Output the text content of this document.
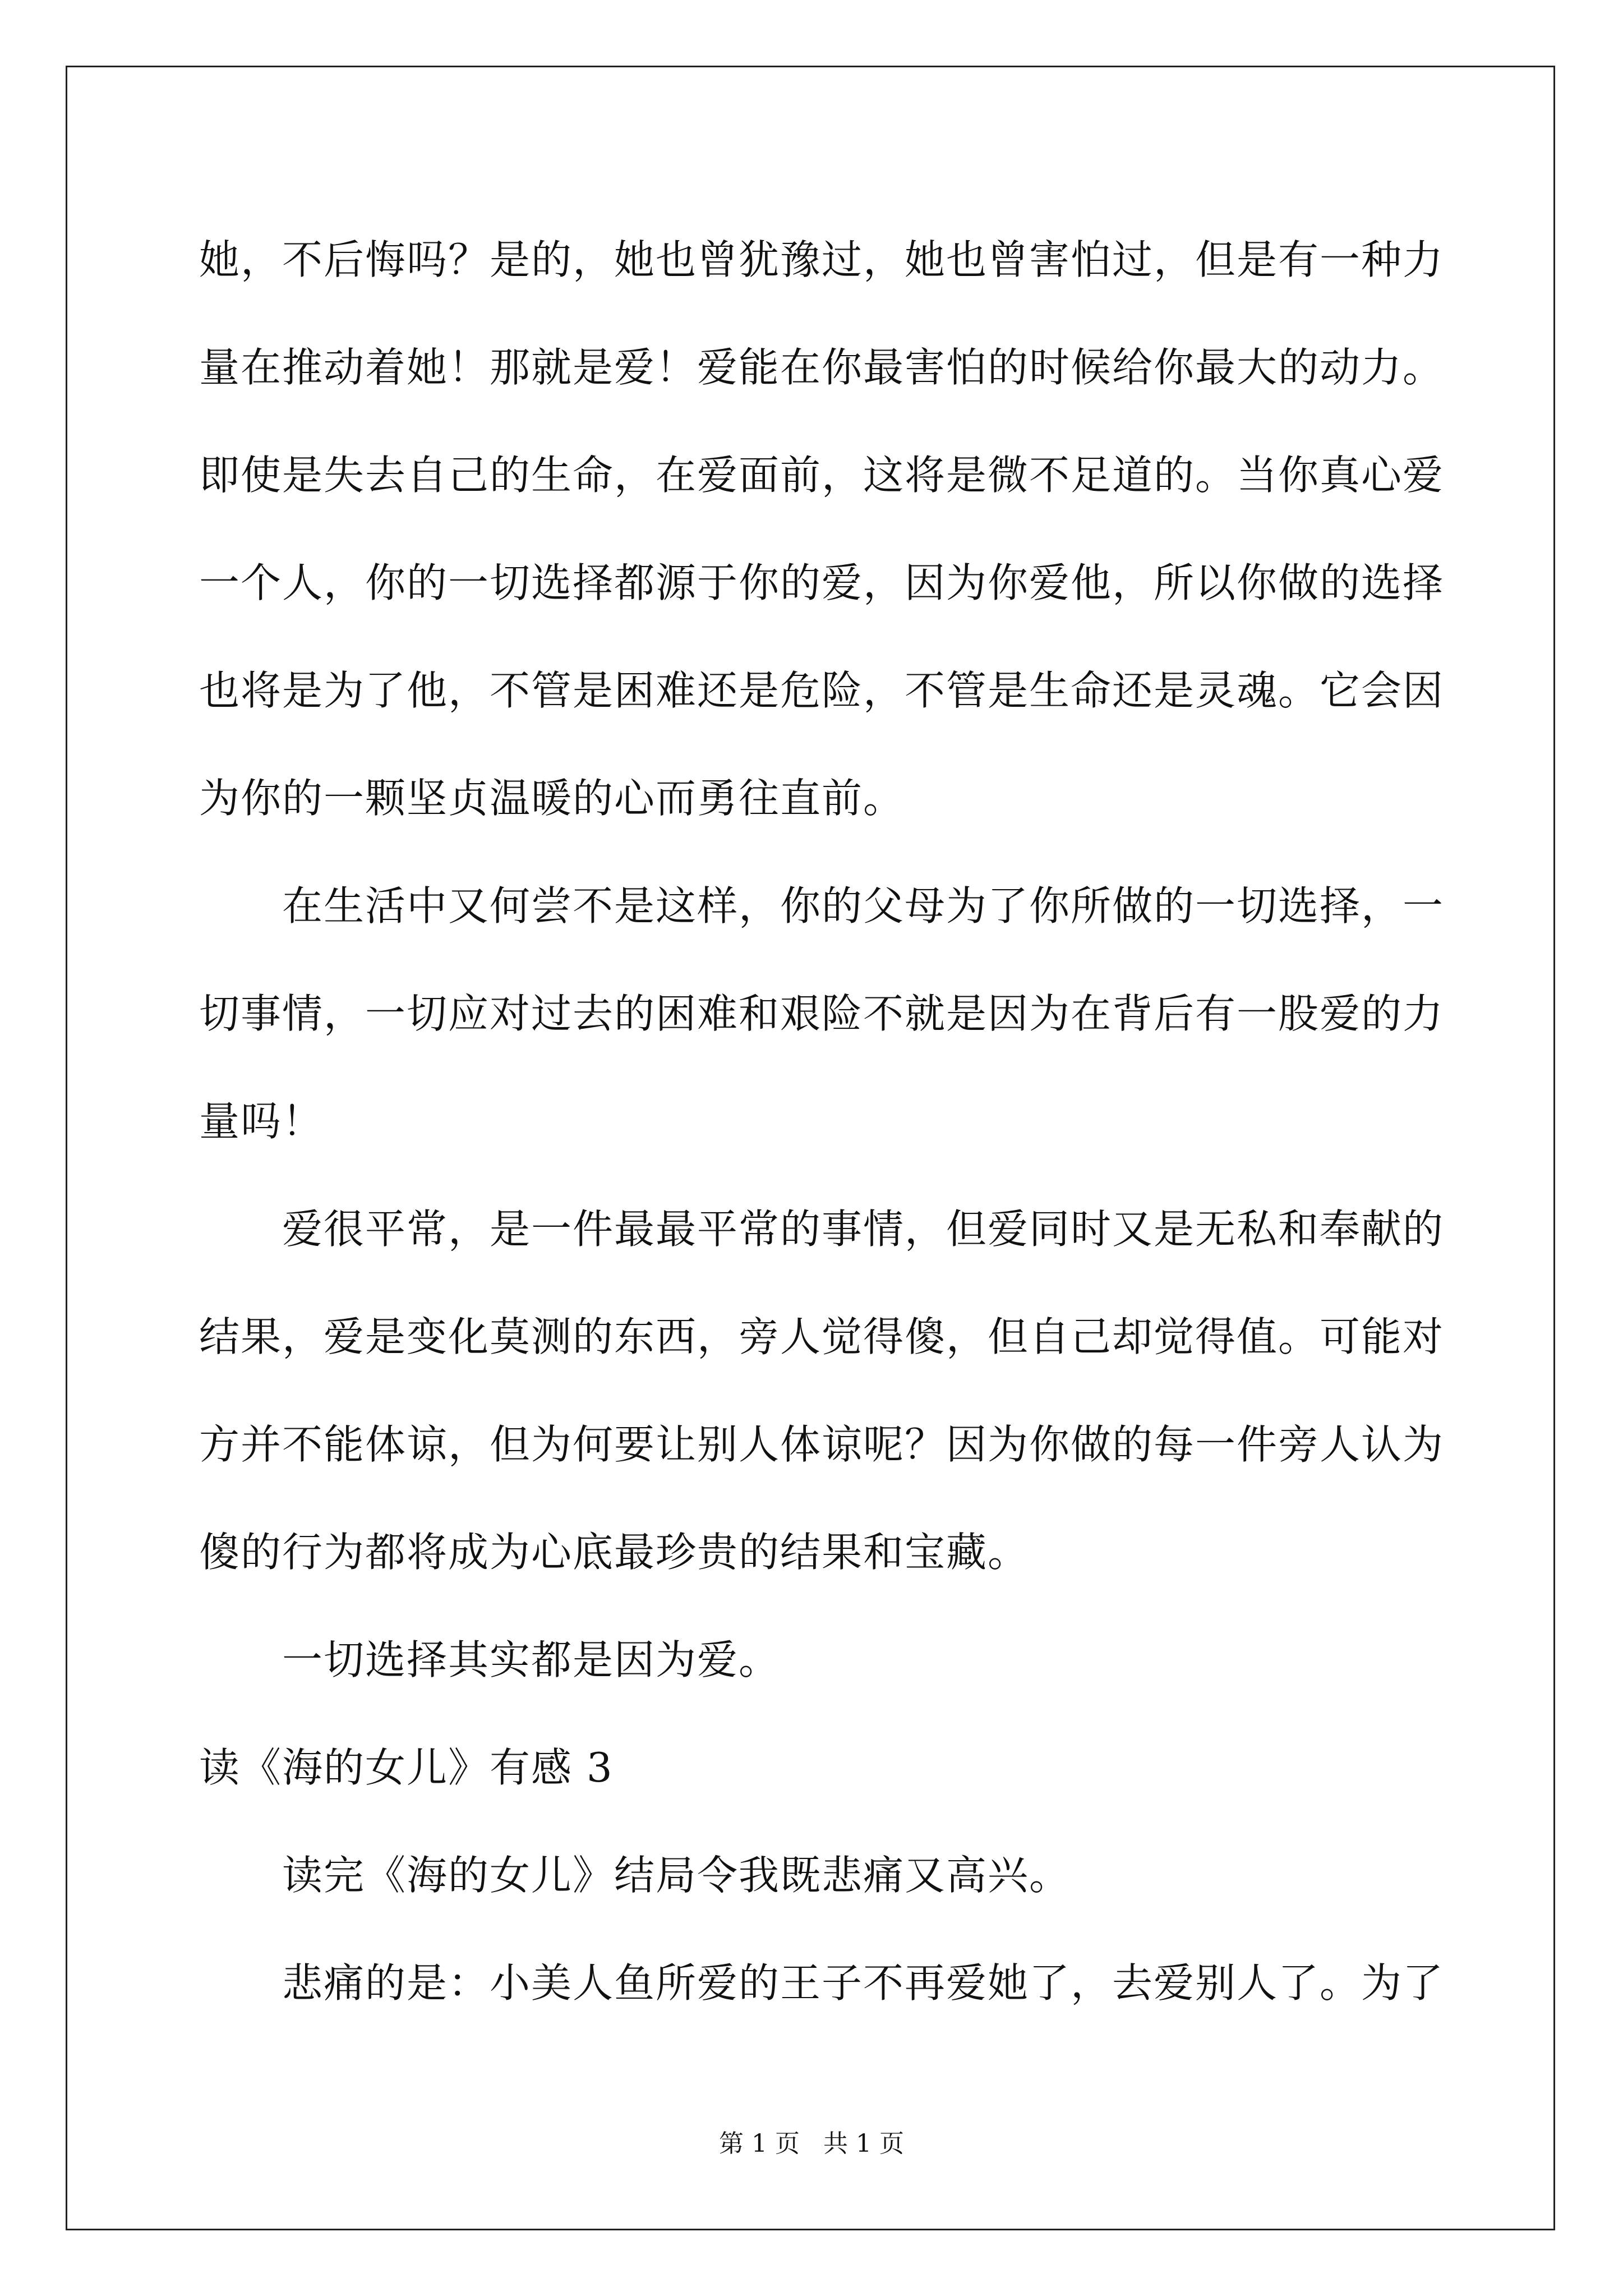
她，不后悔吗？是的，她也曾犹豫过，她也曾害怕过，但是有一种力
量在推动着她！那就是爱！爱能在你最害怕的时候给你最大的动力。
即使是失去自己的生命，在爱面前，这将是微不足道的。当你真心爱
一个人，你的一切选择都源于你的爱，因为你爱他，所以你做的选择
也将是为了他，不管是困难还是危险，不管是生命还是灵魂。它会因
为你的一颗坚贞温暖的心而勇往直前。
在生活中又何尝不是这样，你的父母为了你所做的一切选择，一
切事情，一切应对过去的困难和艰险不就是因为在背后有一股爱的力
量吗！
爱很平常，是一件最最平常的事情，但爱同时又是无私和奉献的
结果，爱是变化莫测的东西，旁人觉得傻，但自己却觉得值。可能对
方并不能体谅，但为何要让别人体谅呢？因为你做的每一件旁人认为
傻的行为都将成为心底最珍贵的结果和宝藏。
一切选择其实都是因为爱。
读《海的女儿》有感 3
读完《海的女儿》结局令我既悲痛又高兴。
悲痛的是：小美人鱼所爱的王子不再爱她了，去爱别人了。为了
第 1 页   共 1 页
